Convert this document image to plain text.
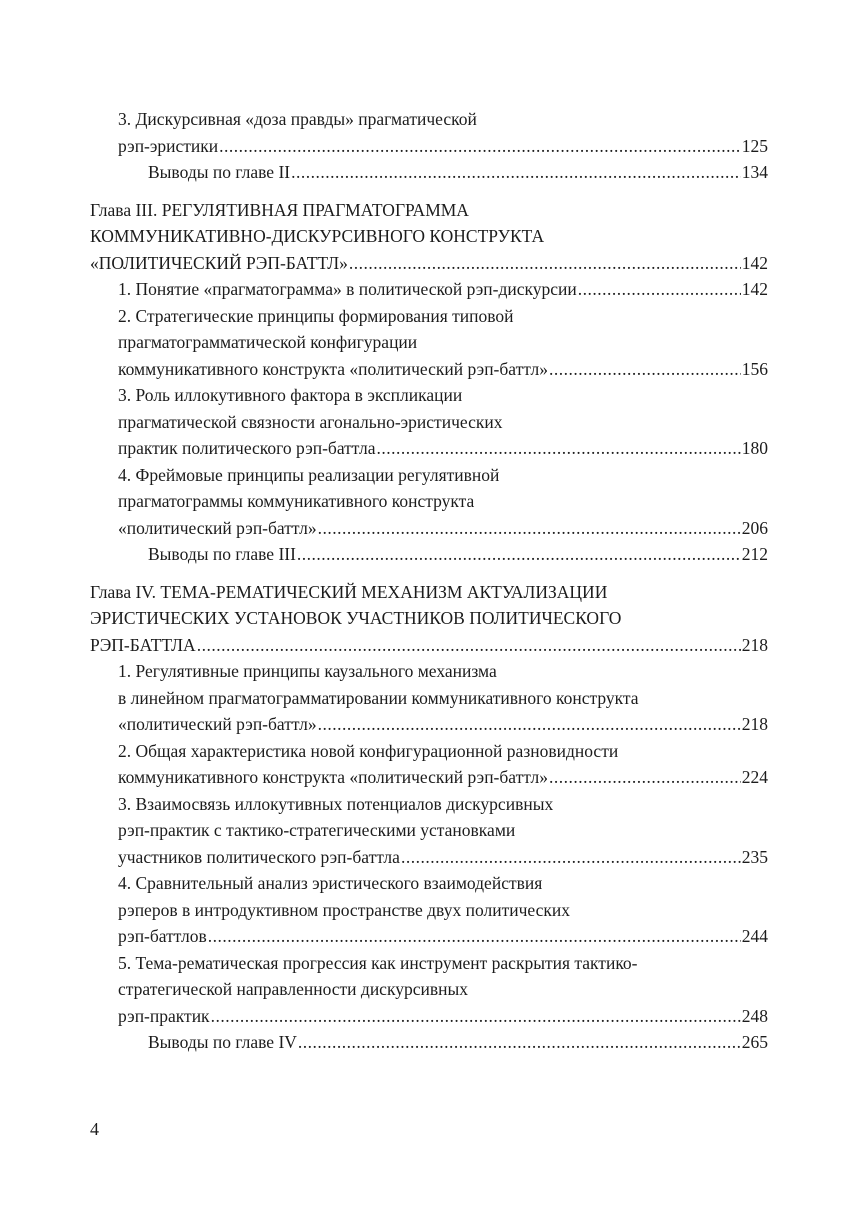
3. Дискурсивная «доза правды» прагматической
рэп-эристики .....	125
Выводы по главе II .....	134
Глава III. РЕГУЛЯТИВНАЯ ПРАГМАТОГРАММА
КОММУНИКАТИВНО-ДИСКУРСИВНОГО КОНСТРУКТА
«ПОЛИТИЧЕСКИЙ РЭП-БАТТЛ» .....	142
1. Понятие «прагматограмма» в политической рэп-дискурсии .....	142
2. Стратегические принципы формирования типовой
прагматограмматической конфигурации
коммуникативного конструкта «политический рэп-баттл» .....	156
3. Роль иллокутивного фактора в экспликации
прагматической связности агонально-эристических
практик политического рэп-баттла .....	180
4. Фреймовые принципы реализации регулятивной
прагматограммы коммуникативного конструкта
«политический рэп-баттл» .....	206
Выводы по главе III .....	212
Глава IV. ТЕМА-РЕМАТИЧЕСКИЙ МЕХАНИЗМ АКТУАЛИЗАЦИИ
ЭРИСТИЧЕСКИХ УСТАНОВОК УЧАСТНИКОВ ПОЛИТИЧЕСКОГО
РЭП-БАТТЛА .....	218
1. Регулятивные принципы каузального механизма
в линейном прагматограмматировании коммуникативного конструкта
«политический рэп-баттл» .....	218
2. Общая характеристика новой конфигурационной разновидности
коммуникативного конструкта «политический рэп-баттл» .....	224
3. Взаимосвязь иллокутивных потенциалов дискурсивных
рэп-практик с тактико-стратегическими установками
участников политического рэп-баттла .....	235
4. Сравнительный анализ эристического взаимодействия
рэперов в интродуктивном пространстве двух политических
рэп-баттлов .....	244
5. Тема-рематическая прогрессия как инструмент раскрытия тактико-
стратегической направленности дискурсивных
рэп-практик .....	248
Выводы по главе IV .....	265
4
